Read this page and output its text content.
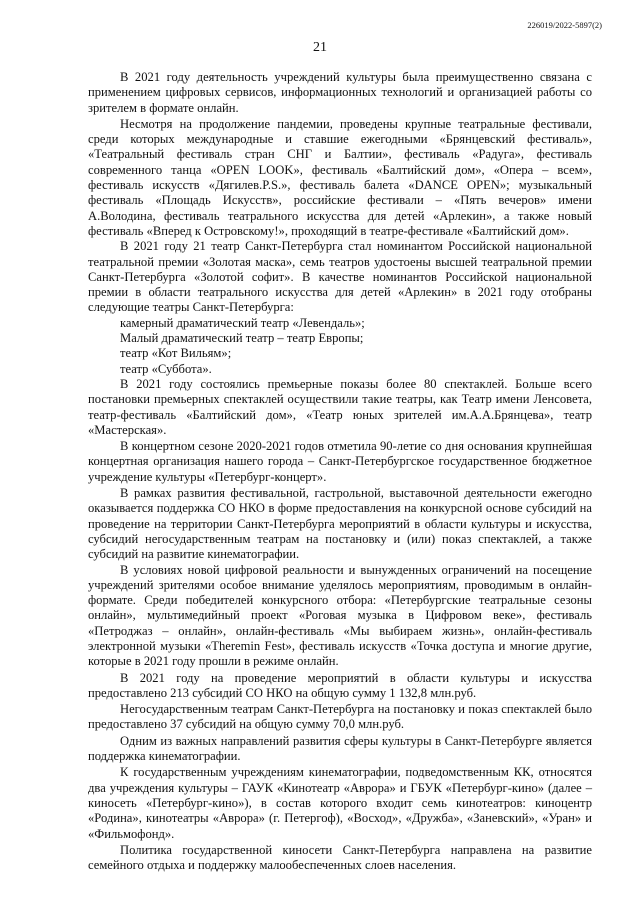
226019/2022-5897(2)
21

В 2021 году деятельность учреждений культуры была преимущественно связана с применением цифровых сервисов, информационных технологий и организацией работы со зрителем в формате онлайн.

Несмотря на продолжение пандемии, проведены крупные театральные фестивали, среди которых международные и ставшие ежегодными «Брянцевский фестиваль», «Театральный фестиваль стран СНГ и Балтии», фестиваль «Радуга», фестиваль современного танца «OPEN LOOK», фестиваль «Балтийский дом», «Опера – всем», фестиваль искусств «Дягилев.P.S.», фестиваль балета «DANCE OPEN»; музыкальный фестиваль «Площадь Искусств», российские фестивали – «Пять вечеров» имени А.Володина, фестиваль театрального искусства для детей «Арлекин», а также новый фестиваль «Вперед к Островскому!», проходящий в театре-фестивале «Балтийский дом».

В 2021 году 21 театр Санкт-Петербурга стал номинантом Российской национальной театральной премии «Золотая маска», семь театров удостоены высшей театральной премии Санкт-Петербурга «Золотой софит». В качестве номинантов Российской национальной премии в области театрального искусства для детей «Арлекин» в 2021 году отобраны следующие театры Санкт-Петербурга:

камерный драматический театр «Левендаль»;

Малый драматический театр – театр Европы;

театр «Кот Вильям»;

театр «Суббота».

В 2021 году состоялись премьерные показы более 80 спектаклей. Больше всего постановки премьерных спектаклей осуществили такие театры, как Театр имени Ленсовета, театр-фестиваль «Балтийский дом», «Театр юных зрителей им.А.А.Брянцева», театр «Мастерская».

В концертном сезоне 2020-2021 годов отметила 90-летие со дня основания крупнейшая концертная организация нашего города – Санкт-Петербургское государственное бюджетное учреждение культуры «Петербург-концерт».

В рамках развития фестивальной, гастрольной, выставочной деятельности ежегодно оказывается поддержка СО НКО в форме предоставления на конкурсной основе субсидий на проведение на территории Санкт-Петербурга мероприятий в области культуры и искусства, субсидий негосударственным театрам на постановку и (или) показ спектаклей, а также субсидий на развитие кинематографии.

В условиях новой цифровой реальности и вынужденных ограничений на посещение учреждений зрителями особое внимание уделялось мероприятиям, проводимым в онлайн-формате. Среди победителей конкурсного отбора: «Петербургские театральные сезоны онлайн», мультимедийный проект «Роговая музыка в Цифровом веке», фестиваль «Петроджаз – онлайн», онлайн-фестиваль «Мы выбираем жизнь», онлайн-фестиваль электронной музыки «Theremin Fest», фестиваль искусств «Точка доступа и многие другие, которые в 2021 году прошли в режиме онлайн.

В 2021 году на проведение мероприятий в области культуры и искусства предоставлено 213 субсидий СО НКО на общую сумму 1 132,8 млн.руб.

Негосударственным театрам Санкт-Петербурга на постановку и показ спектаклей было предоставлено 37 субсидий на общую сумму 70,0 млн.руб.

Одним из важных направлений развития сферы культуры в Санкт-Петербурге является поддержка кинематографии.

К государственным учреждениям кинематографии, подведомственным КК, относятся два учреждения культуры – ГАУК «Кинотеатр «Аврора» и ГБУК «Петербург-кино» (далее – киносеть «Петербург-кино»), в состав которого входит семь кинотеатров: киноцентр «Родина», кинотеатры «Аврора» (г. Петергоф), «Восход», «Дружба», «Заневский», «Уран» и «Фильмофонд».

Политика государственной киносети Санкт-Петербурга направлена на развитие семейного отдыха и поддержку малообеспеченных слоев населения.
